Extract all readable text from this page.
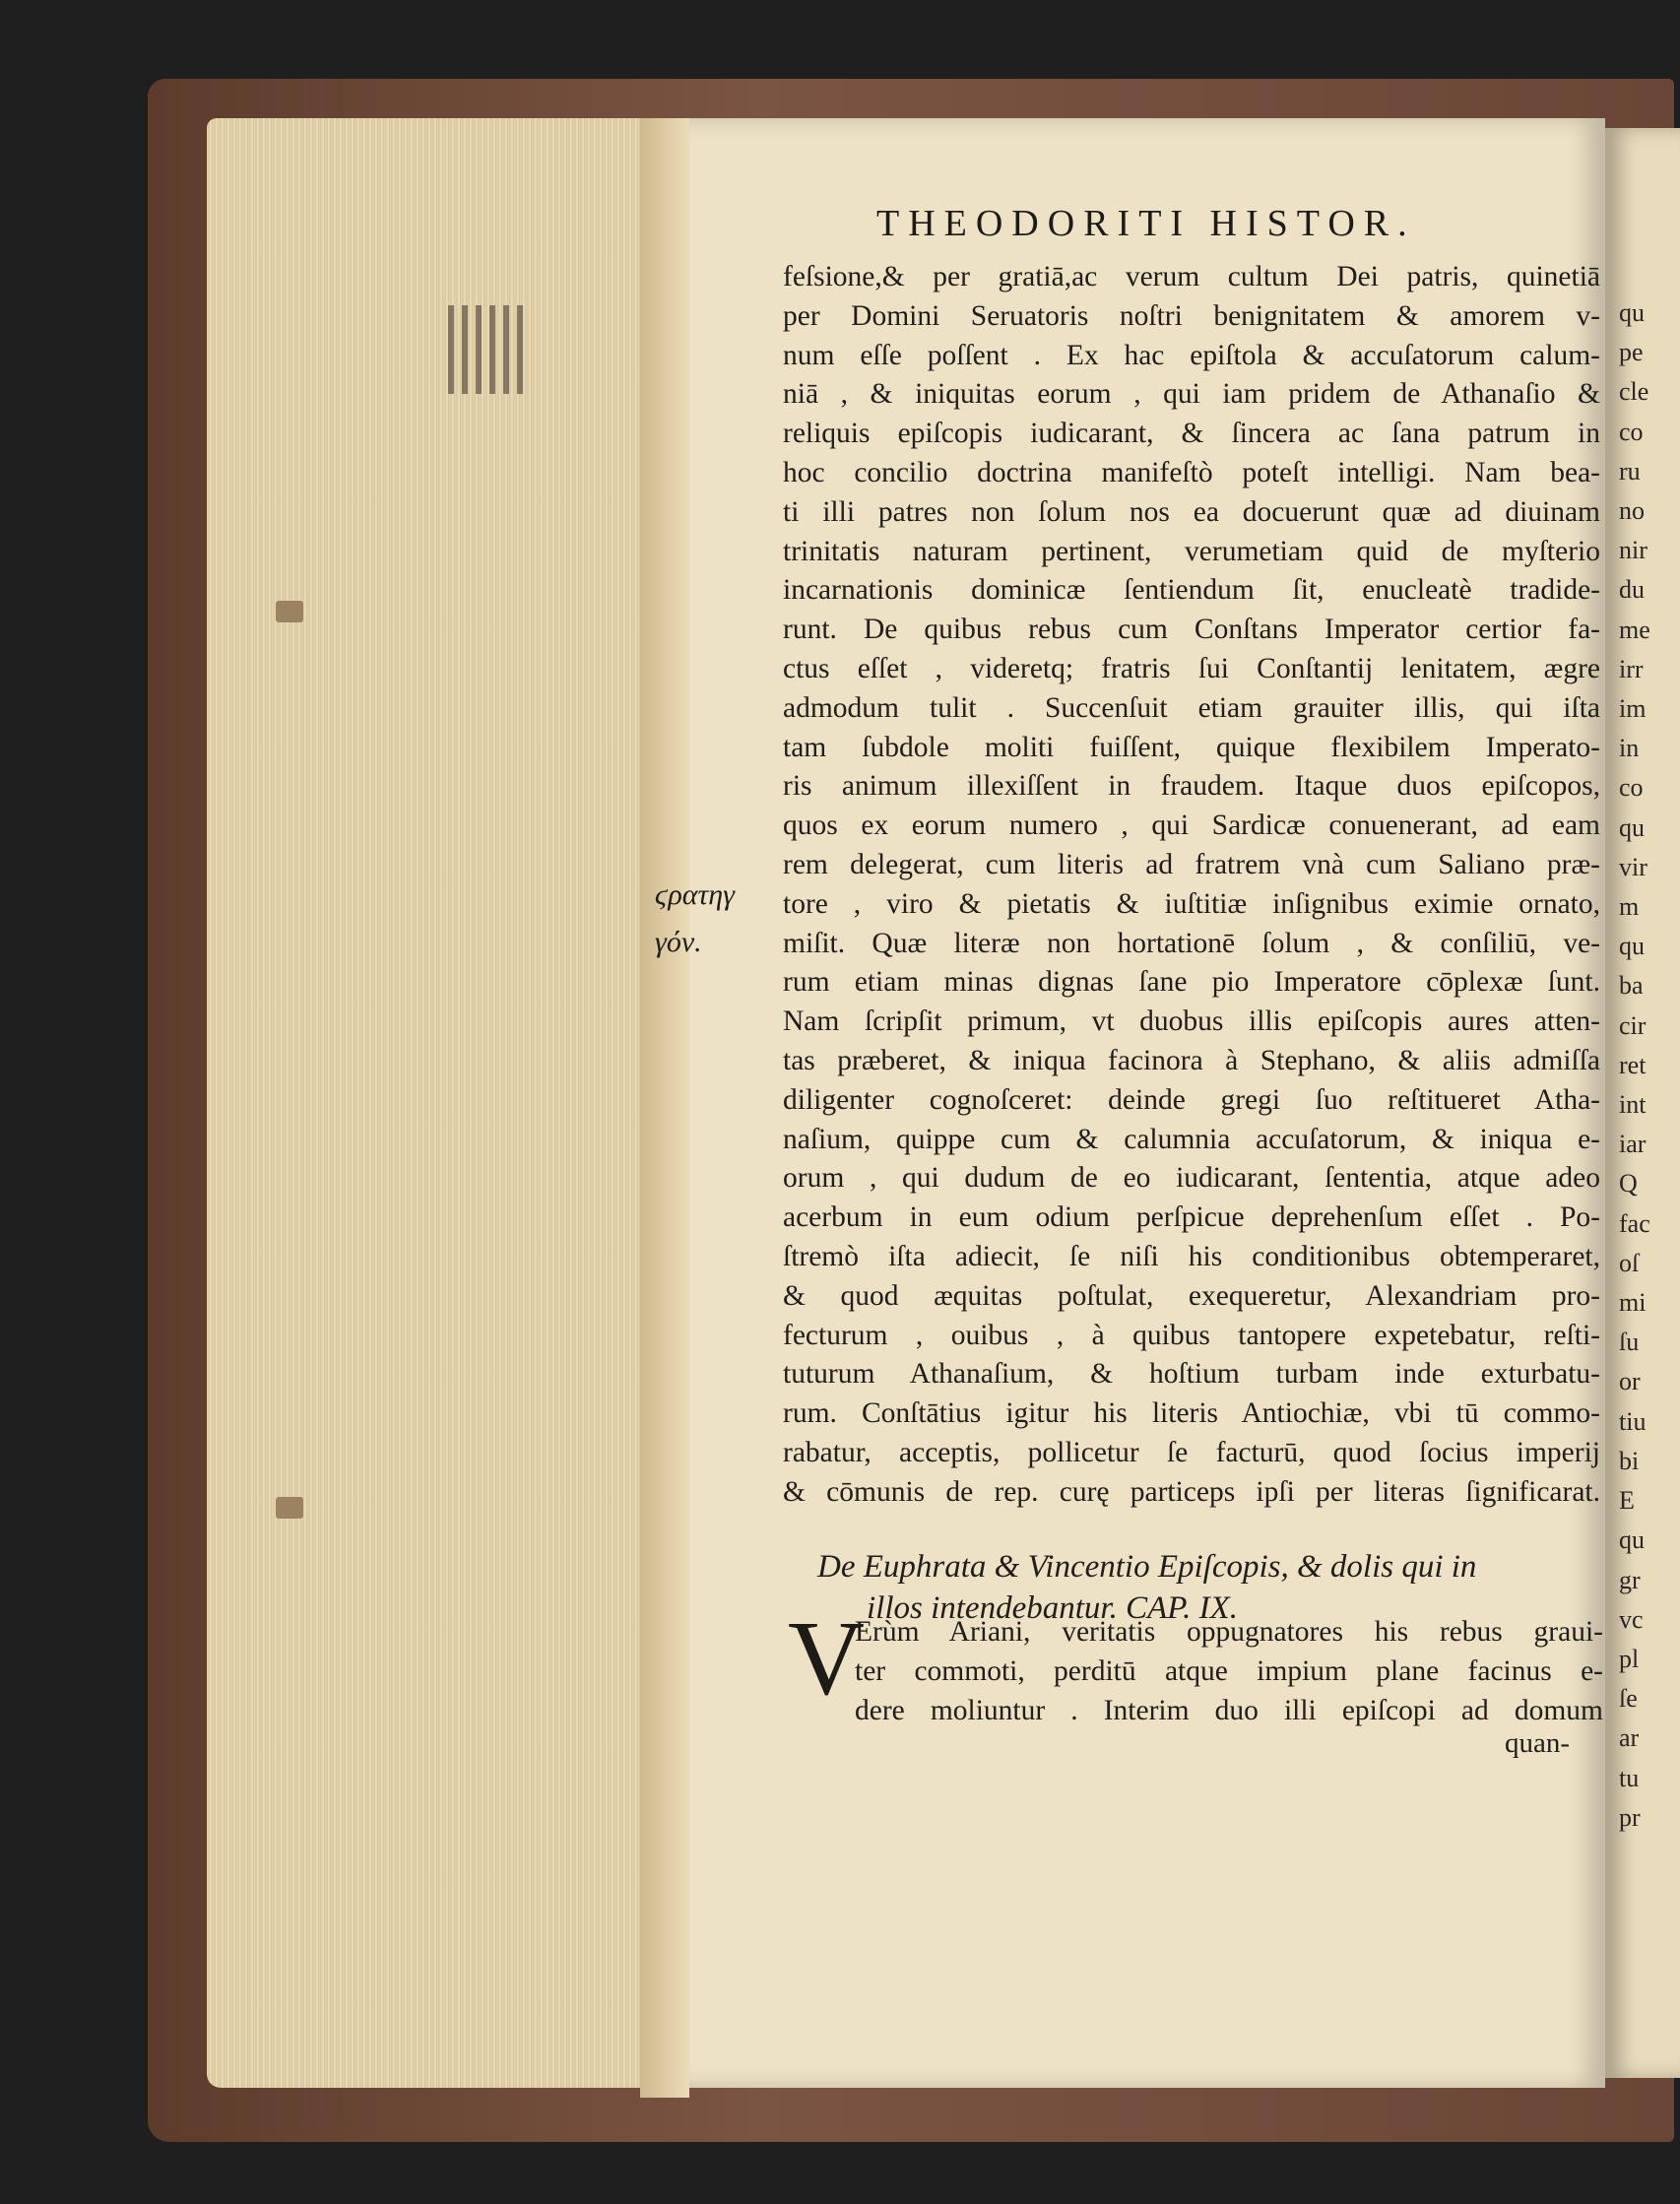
qu
pe
cle
co
ru
no
nir
du
me
irr
im
in
co
qu
vir
m
qu
ba
cir
ret
int
iar
Q
fac
oſ
mi
ſu
or
tiu
bi
E
qu
gr
vc
pl
ſe
ar
tu
pr
THEODORITI HISTOR.
feſsione,& per gratiā,ac verum cultum Dei patris, quinetiā
per Domini Seruatoris noſtri benignitatem & amorem v-
num eſſe poſſent . Ex hac epiſtola & accuſatorum calum-
niā , & iniquitas eorum , qui iam pridem de Athanaſio &
reliquis epiſcopis iudicarant, & ſincera ac ſana patrum in
hoc concilio doctrina manifeſtò poteſt intelligi. Nam bea-
ti illi patres non ſolum nos ea docuerunt quæ ad diuinam
trinitatis naturam pertinent, verumetiam quid de myſterio
incarnationis dominicæ ſentiendum ſit, enucleatè tradide-
runt. De quibus rebus cum Conſtans Imperator certior fa-
ctus eſſet , videretq; fratris ſui Conſtantij lenitatem, ægre
admodum tulit . Succenſuit etiam grauiter illis, qui iſta
tam ſubdole moliti fuiſſent, quique flexibilem Imperato-
ris animum illexiſſent in fraudem. Itaque duos epiſcopos,
quos ex eorum numero , qui Sardicæ conuenerant, ad eam
rem delegerat, cum literis ad fratrem vnà cum Saliano præ-
tore , viro & pietatis & iuſtitiæ inſignibus eximie ornato,
miſit. Quæ literæ non hortationē ſolum , & conſiliū, ve-
rum etiam minas dignas ſane pio Imperatore cōplexæ ſunt.
Nam ſcripſit primum, vt duobus illis epiſcopis aures atten-
tas præberet, & iniqua facinora à Stephano, & aliis admiſſa
diligenter cognoſceret: deinde gregi ſuo reſtitueret Atha-
naſium, quippe cum & calumnia accuſatorum, & iniqua e-
orum , qui dudum de eo iudicarant, ſententia, atque adeo
acerbum in eum odium perſpicue deprehenſum eſſet . Po-
ſtremò iſta adiecit, ſe niſi his conditionibus obtemperaret,
& quod æquitas poſtulat, exequeretur, Alexandriam pro-
fecturum , ouibus , à quibus tantopere expetebatur, reſti-
tuturum Athanaſium, & hoſtium turbam inde exturbatu-
rum. Conſtātius igitur his literis Antiochiæ, vbi tū commo-
rabatur, acceptis, pollicetur ſe facturū, quod ſocius imperij
& cōmunis de rep. curę particeps ipſi per literas ſignificarat.
ϛρατηγ
γόν.
De Euphrata & Vincentio Epiſcopis, & dolis qui in
illos intendebantur. CAP. IX.
V
Erùm Ariani, veritatis oppugnatores his rebus graui-
ter commoti, perditū atque impium plane facinus e-
dere moliuntur . Interim duo illi epiſcopi ad domum
quan-
